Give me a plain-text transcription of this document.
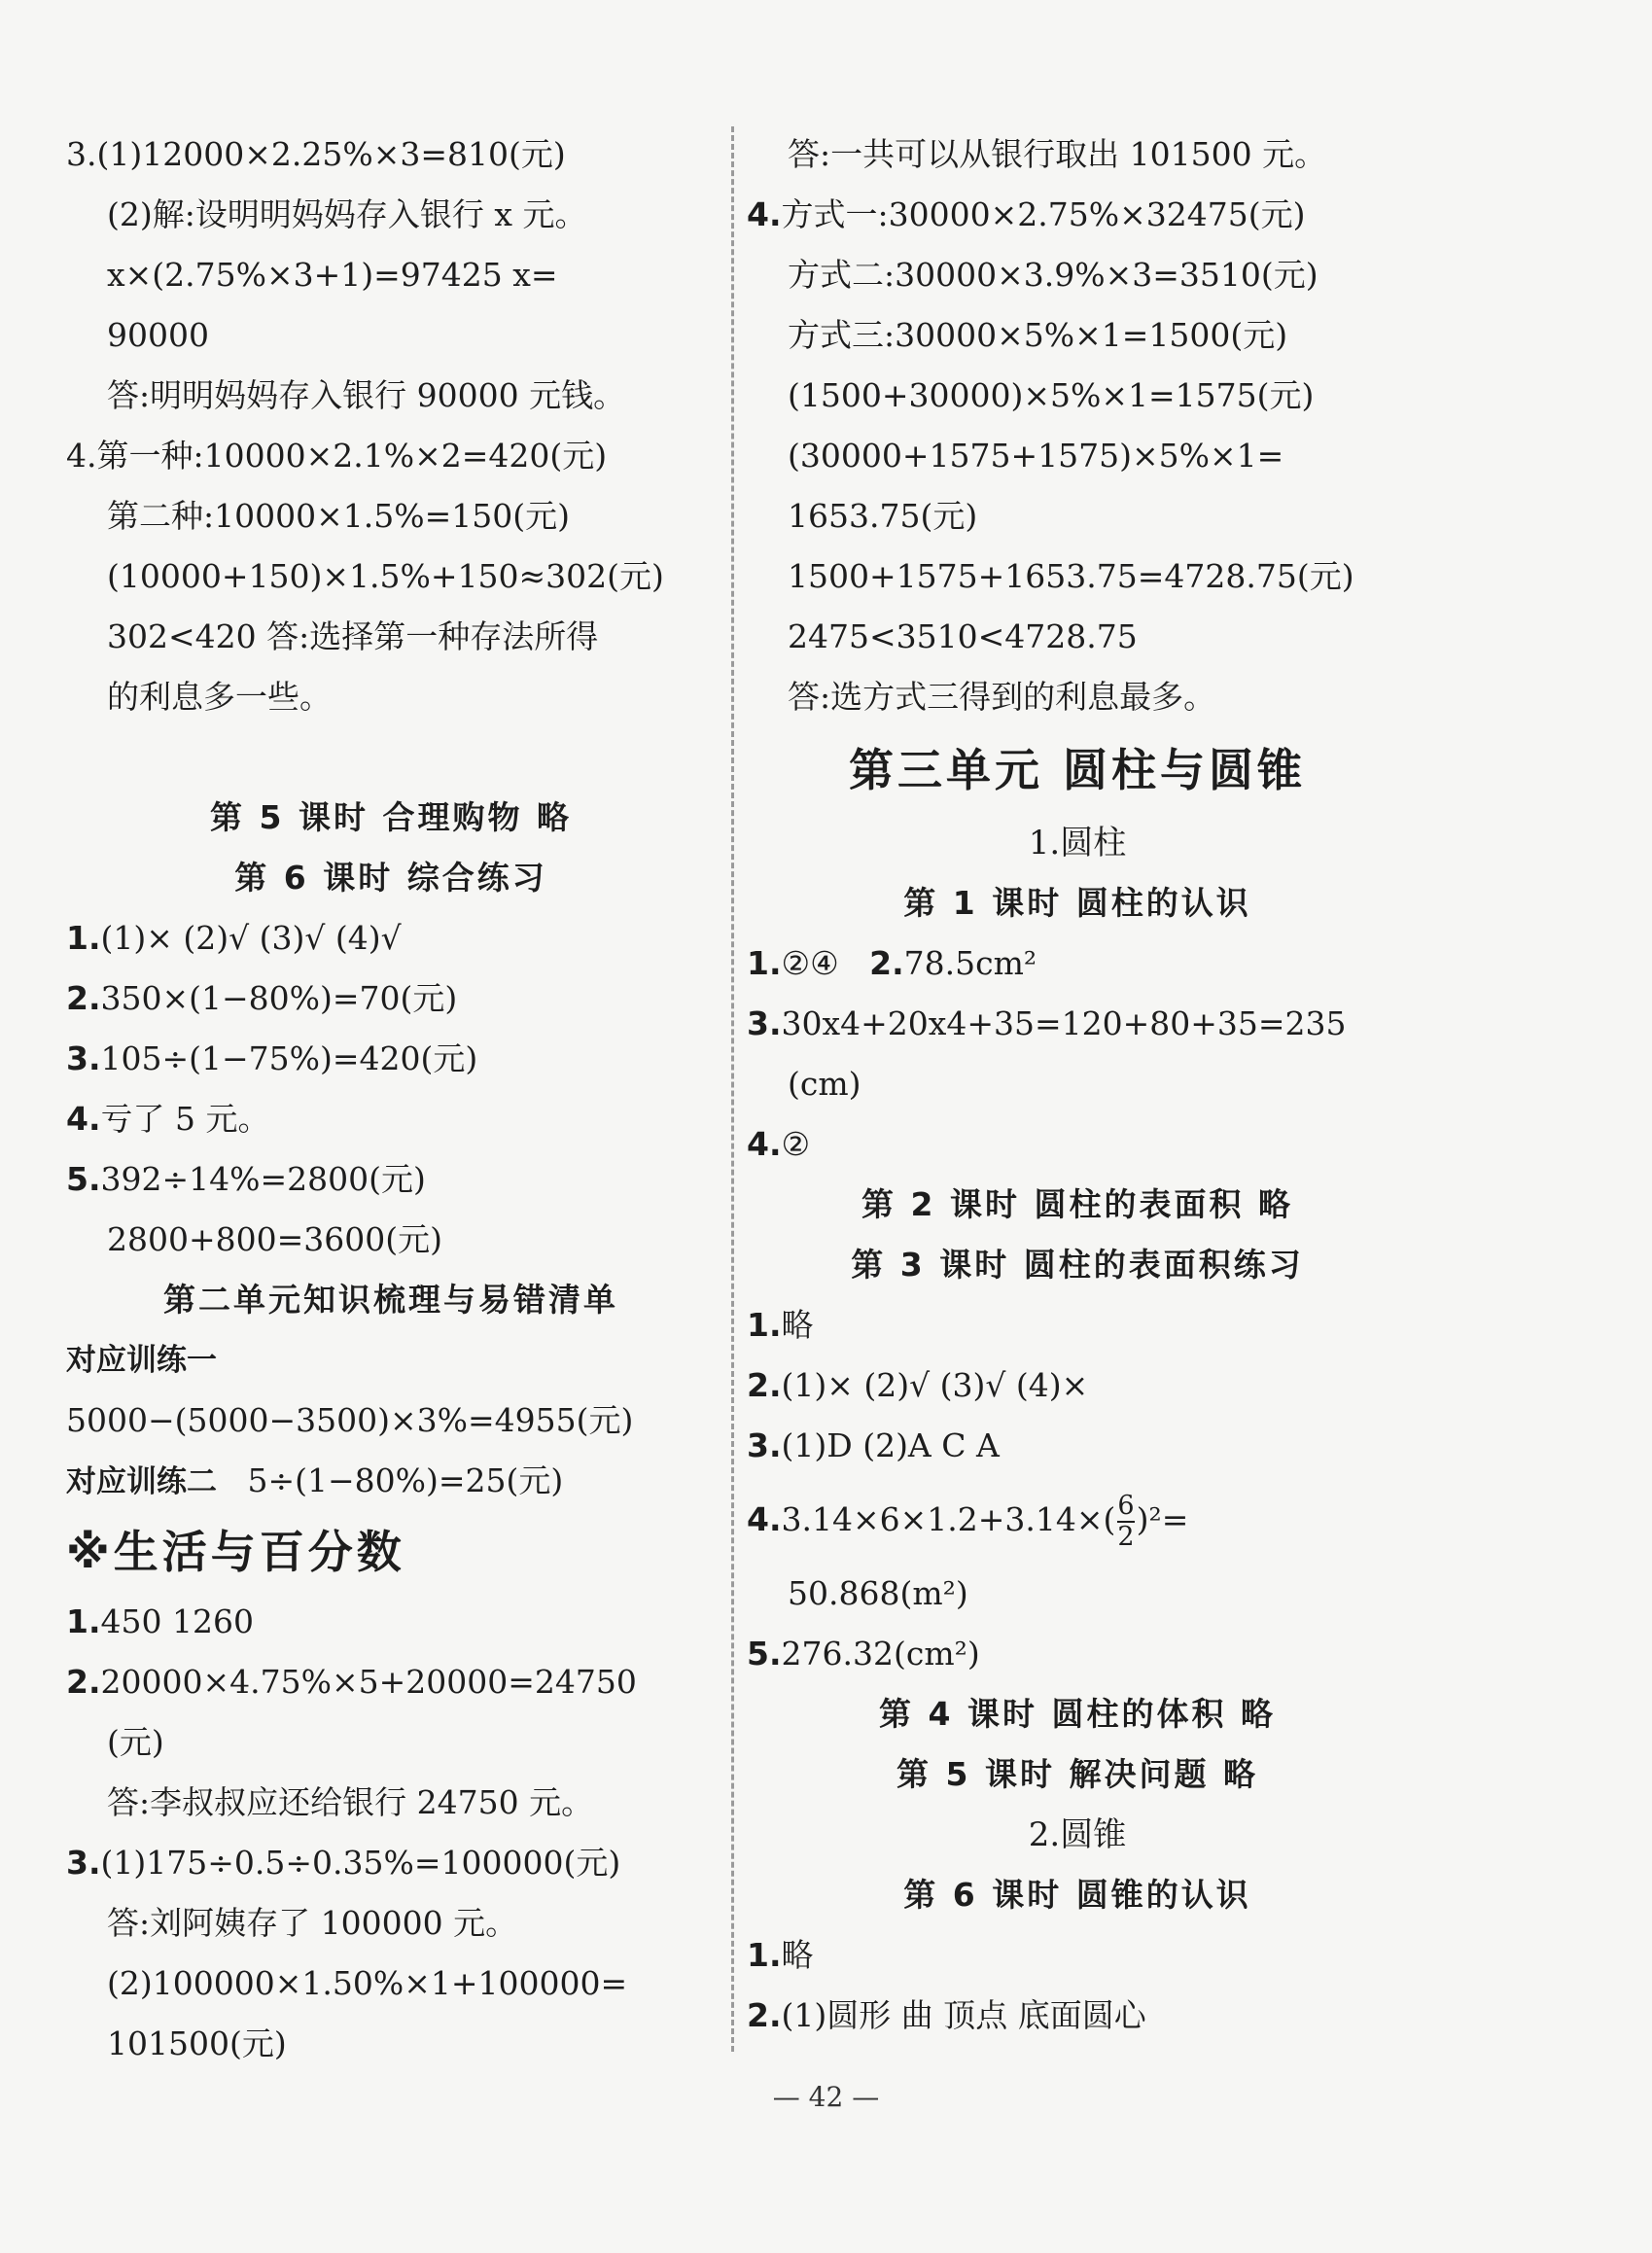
3.(1)12000×2.25%×3=810(元)
(2)解:设明明妈妈存入银行 x 元。
x×(2.75%×3+1)=97425 x=
90000
答:明明妈妈存入银行 90000 元钱。
4.第一种:10000×2.1%×2=420(元)
第二种:10000×1.5%=150(元)
(10000+150)×1.5%+150≈302(元)
302<420 答:选择第一种存法所得
的利息多一些。
第 5 课时 合理购物 略
第 6 课时 综合练习
1.(1)× (2)√ (3)√ (4)√
2.350×(1−80%)=70(元)
3.105÷(1−75%)=420(元)
4.亏了 5 元。
5.392÷14%=2800(元)
2800+800=3600(元)
第二单元知识梳理与易错清单
对应训练一
5000−(5000−3500)×3%=4955(元)
对应训练二 5÷(1−80%)=25(元)
※生活与百分数
1.450 1260
2.20000×4.75%×5+20000=24750
(元)
答:李叔叔应还给银行 24750 元。
3.(1)175÷0.5÷0.35%=100000(元)
答:刘阿姨存了 100000 元。
(2)100000×1.50%×1+100000=
101500(元)
答:一共可以从银行取出 101500 元。
4.方式一:30000×2.75%×32475(元)
方式二:30000×3.9%×3=3510(元)
方式三:30000×5%×1=1500(元)
(1500+30000)×5%×1=1575(元)
(30000+1575+1575)×5%×1=
1653.75(元)
1500+1575+1653.75=4728.75(元)
2475<3510<4728.75
答:选方式三得到的利息最多。
第三单元 圆柱与圆锥
1.圆柱
第 1 课时 圆柱的认识
1.②④ 2.78.5cm²
3.30x4+20x4+35=120+80+35=235
(cm)
4.②
第 2 课时 圆柱的表面积 略
第 3 课时 圆柱的表面积练习
1.略
2.(1)× (2)√ (3)√ (4)×
3.(1)D (2)A C A
$4.3.14\times 6\times 1.2+3.14\times( \frac{6}{2} )^2=$
50.868(m²)
5.276.32(cm²)
第 4 课时 圆柱的体积 略
第 5 课时 解决问题 略
2.圆锥
第 6 课时 圆锥的认识
1.略
2.(1)圆形 曲 顶点 底面圆心
— 42 —
